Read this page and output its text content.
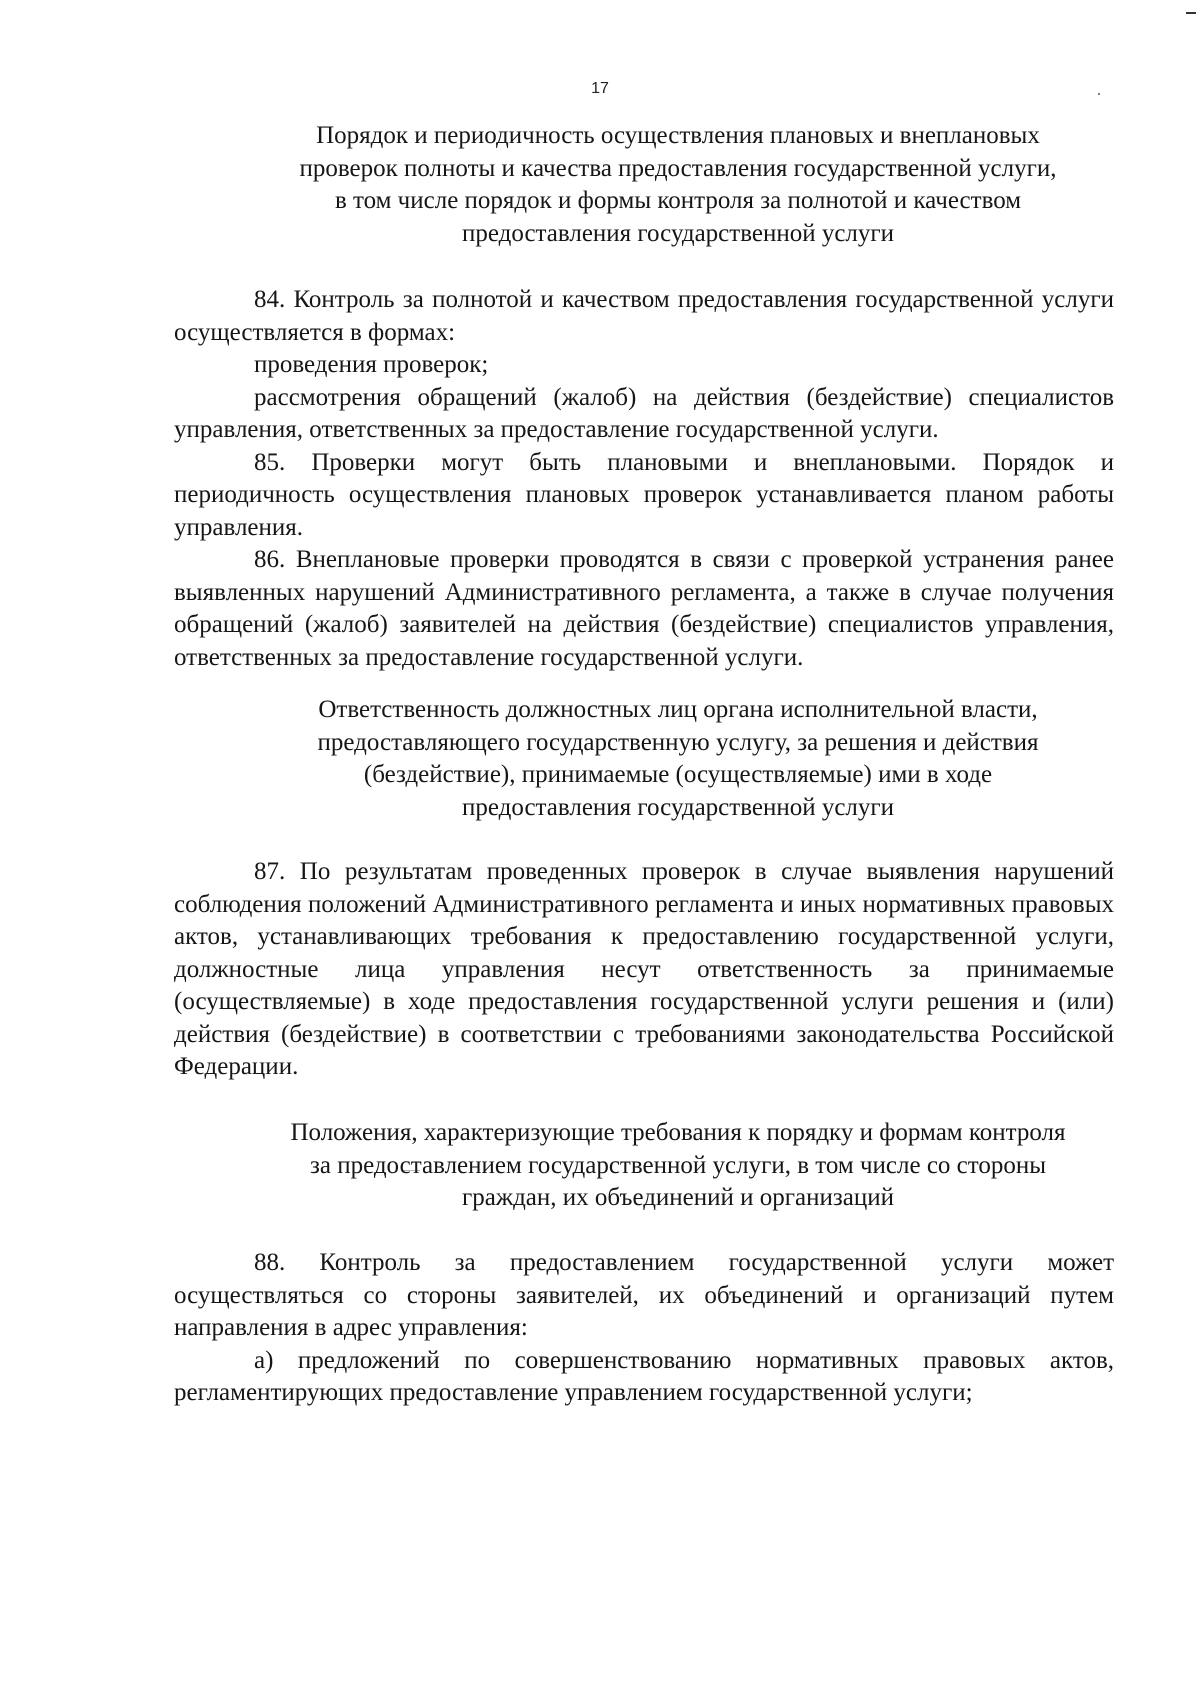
17
Порядок и периодичность осуществления плановых и внеплановых
проверок полноты и качества предоставления государственной услуги,
в том числе порядок и формы контроля за полнотой и качеством
предоставления государственной услуги

84. Контроль за полнотой и качеством предоставления государственной услуги осуществляется в формах:

проведения проверок;

рассмотрения обращений (жалоб) на действия (бездействие) специалистов управления, ответственных за предоставление государственной услуги.

85. Проверки могут быть плановыми и внеплановыми. Порядок и периодичность осуществления плановых проверок устанавливается планом работы управления.

86. Внеплановые проверки проводятся в связи с проверкой устранения ранее выявленных нарушений Административного регламента, а также в случае получения обращений (жалоб) заявителей на действия (бездействие) специалистов управления, ответственных за предоставление государственной услуги.

Ответственность должностных лиц органа исполнительной власти,
предоставляющего государственную услугу, за решения и действия
(бездействие), принимаемые (осуществляемые) ими в ходе
предоставления государственной услуги

87. По результатам проведенных проверок в случае выявления нарушений соблюдения положений Административного регламента и иных нормативных правовых актов, устанавливающих требования к предоставлению государственной услуги, должностные лица управления несут ответственность за принимаемые (осуществляемые) в ходе предоставления государственной услуги решения и (или) действия (бездействие) в соответствии с требованиями законодательства Российской Федерации.

Положения, характеризующие требования к порядку и формам контроля
за предоставлением государственной услуги, в том числе со стороны
граждан, их объединений и организаций

88. Контроль за предоставлением государственной услуги может осуществляться со стороны заявителей, их объединений и организаций путем направления в адрес управления:

а) предложений по совершенствованию нормативных правовых актов, регламентирующих предоставление управлением государственной услуги;
